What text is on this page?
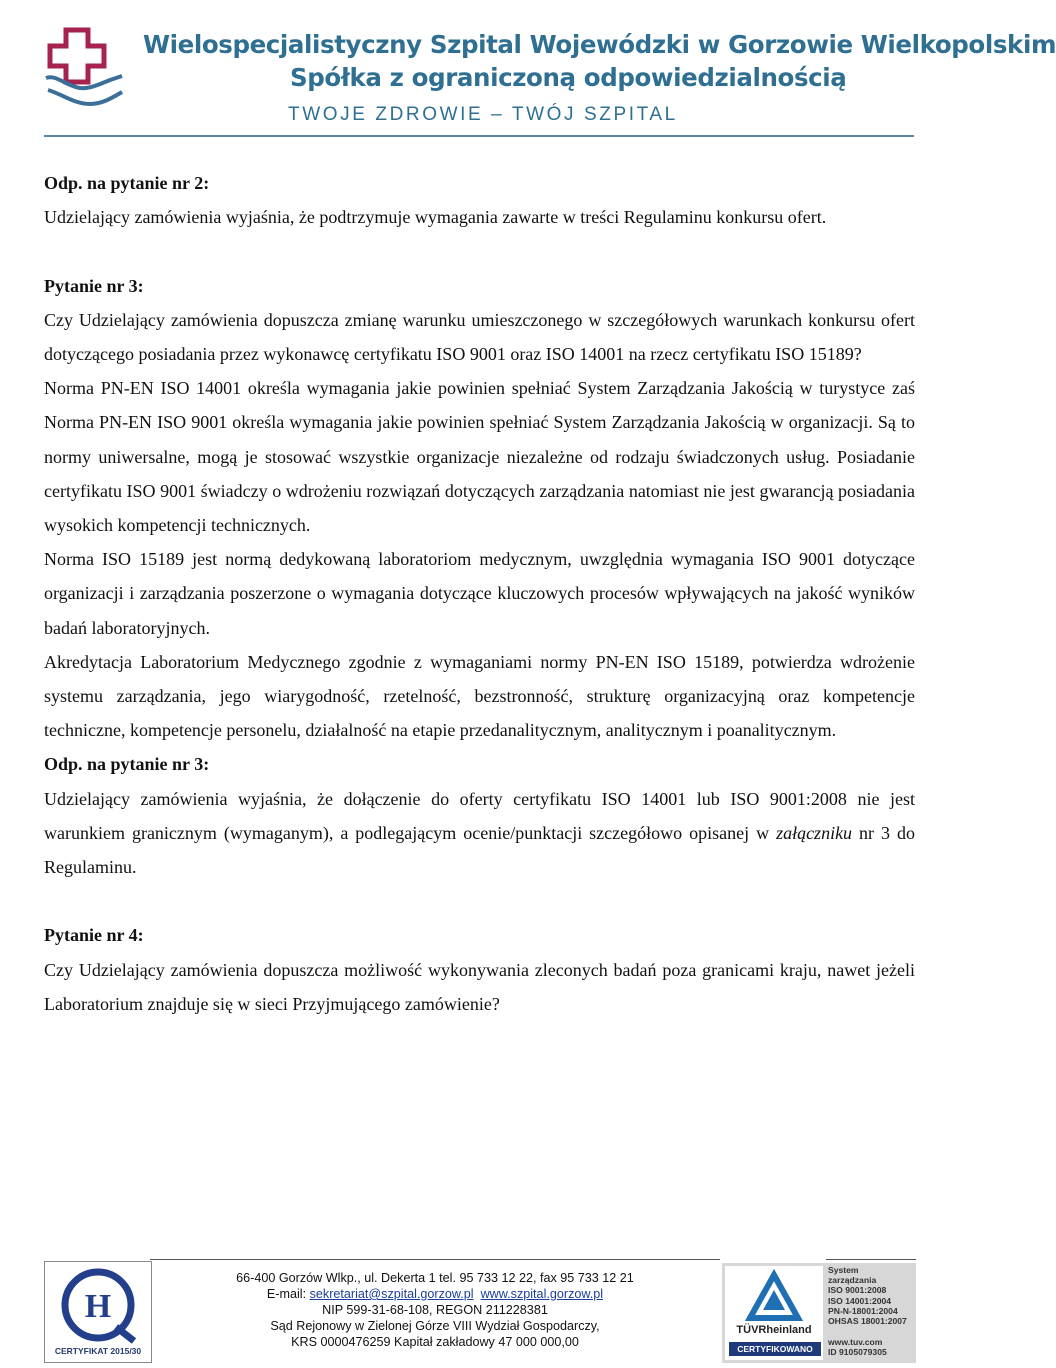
Wielospecjalistyczny Szpital Wojewódzki w Gorzowie Wielkopolskim
Spółka z ograniczoną odpowiedzialnością
TWOJE ZDROWIE – TWÓJ SZPITAL

Odp. na pytanie nr 2:

Udzielający zamówienia wyjaśnia, że podtrzymuje wymagania zawarte w treści Regulaminu konkursu ofert.

Pytanie nr 3:

Czy Udzielający zamówienia dopuszcza zmianę warunku umieszczonego w szczegółowych warunkach konkursu ofert dotyczącego posiadania przez wykonawcę certyfikatu ISO 9001 oraz ISO 14001 na rzecz certyfikatu ISO 15189?

Norma PN-EN ISO 14001 określa wymagania jakie powinien spełniać System Zarządzania Jakością w turystyce zaś Norma PN-EN ISO 9001 określa wymagania jakie powinien spełniać System Zarządzania Jakością w organizacji. Są to normy uniwersalne, mogą je stosować wszystkie organizacje niezależne od rodzaju świadczonych usług. Posiadanie certyfikatu ISO 9001 świadczy o wdrożeniu rozwiązań dotyczących zarządzania natomiast nie jest gwarancją posiadania wysokich kompetencji technicznych.

Norma ISO 15189 jest normą dedykowaną laboratoriom medycznym, uwzględnia wymagania ISO 9001 dotyczące organizacji i zarządzania poszerzone o wymagania dotyczące kluczowych procesów wpływających na jakość wyników badań laboratoryjnych.

Akredytacja Laboratorium Medycznego zgodnie z wymaganiami normy PN-EN ISO 15189, potwierdza wdrożenie systemu zarządzania, jego wiarygodność, rzetelność, bezstronność, strukturę organizacyjną oraz kompetencje techniczne, kompetencje personelu, działalność na etapie przedanalitycznym, analitycznym i poanalitycznym.

Odp. na pytanie nr 3:

Udzielający zamówienia wyjaśnia, że dołączenie do oferty certyfikatu ISO 14001 lub ISO 9001:2008 nie jest warunkiem granicznym (wymaganym), a podlegającym ocenie/punktacji szczegółowo opisanej w załączniku nr 3 do Regulaminu.

Pytanie nr 4:

Czy Udzielający zamówienia dopuszcza możliwość wykonywania zleconych badań poza granicami kraju, nawet jeżeli Laboratorium znajduje się w sieci Przyjmującego zamówienie?

H
CERTYFIKAT 2015/30
66-400 Gorzów Wlkp., ul. Dekerta 1 tel. 95 733 12 22, fax 95 733 12 21
E-mail: sekretariat@szpital.gorzow.pl www.szpital.gorzow.pl
NIP 599-31-68-108, REGON 211228381
Sąd Rejonowy w Zielonej Górze VIII Wydział Gospodarczy,
KRS 0000476259 Kapitał zakładowy 47 000 000,00
TÜVRheinland
CERTYFIKOWANO
System
zarządzania
ISO 9001:2008
ISO 14001:2004
PN-N-18001:2004
OHSAS 18001:2007
www.tuv.com
ID 9105079305
